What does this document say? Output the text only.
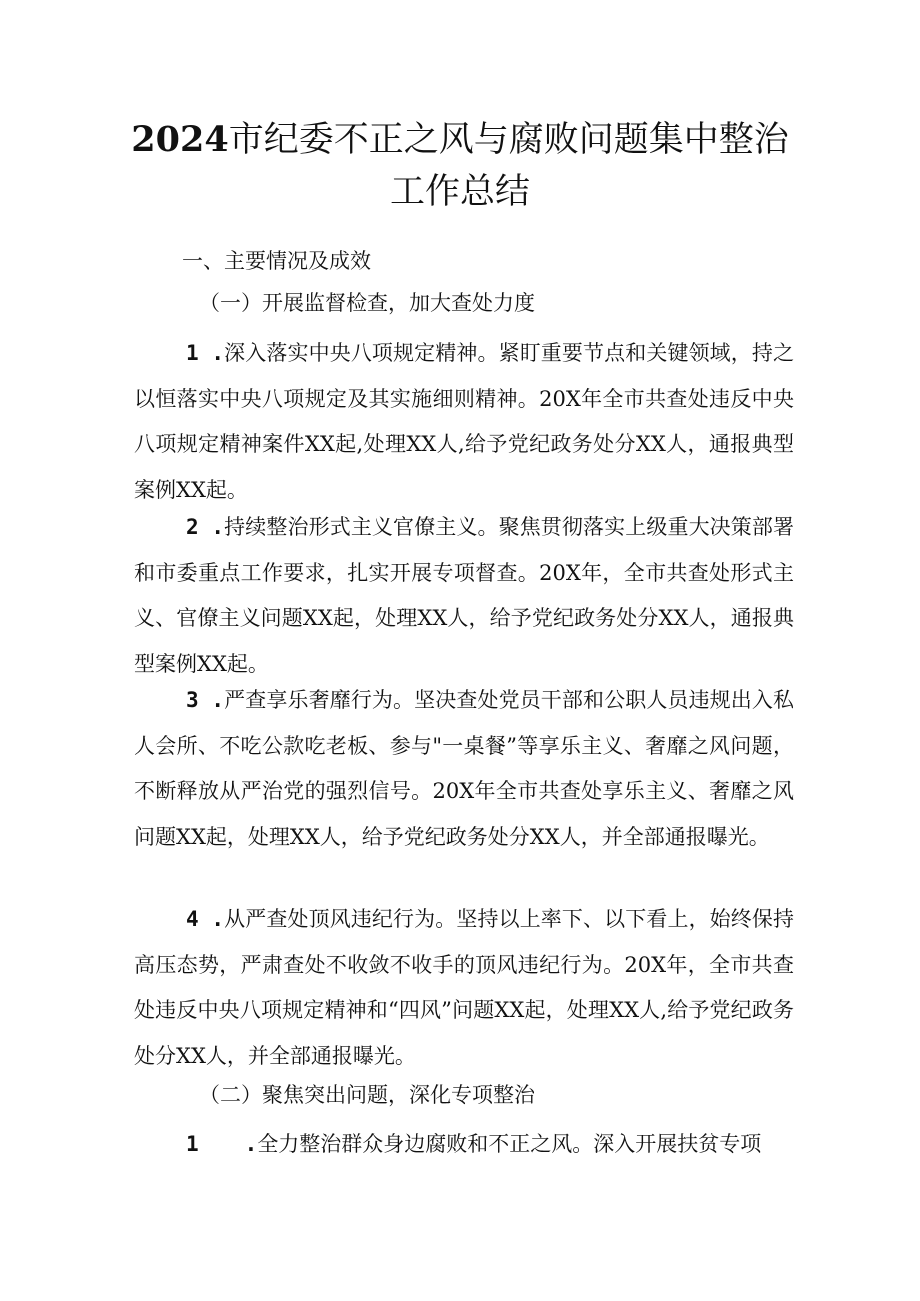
2024市纪委不正之风与腐败问题集中整治
工作总结
一、主要情况及成效
（一）开展监督检查，加大查处力度

1 .深入落实中央八项规定精神。紧盯重要节点和关键领域，持之以恒落实中央八项规定及其实施细则精神。20X年全市共查处违反中央八项规定精神案件XX起,处理XX人,给予党纪政务处分XX人，通报典型案例XX起。

2 .持续整治形式主义官僚主义。聚焦贯彻落实上级重大决策部署和市委重点工作要求，扎实开展专项督查。20X年，全市共查处形式主义、官僚主义问题XX起，处理XX人，给予党纪政务处分XX人，通报典型案例XX起。

3 .严查享乐奢靡行为。坚决查处党员干部和公职人员违规出入私人会所、不吃公款吃老板、参与"一桌餐”等享乐主义、奢靡之风问题，不断释放从严治党的强烈信号。20X年全市共查处享乐主义、奢靡之风问题XX起，处理XX人，给予党纪政务处分XX人，并全部通报曝光。

4 .从严查处顶风违纪行为。坚持以上率下、以下看上，始终保持高压态势，严肃查处不收敛不收手的顶风违纪行为。20X年，全市共查处违反中央八项规定精神和“四风”问题XX起，处理XX人,给予党纪政务处分XX人，并全部通报曝光。

（二）聚焦突出问题，深化专项整治

1 .全力整治群众身边腐败和不正之风。深入开展扶贫专项
